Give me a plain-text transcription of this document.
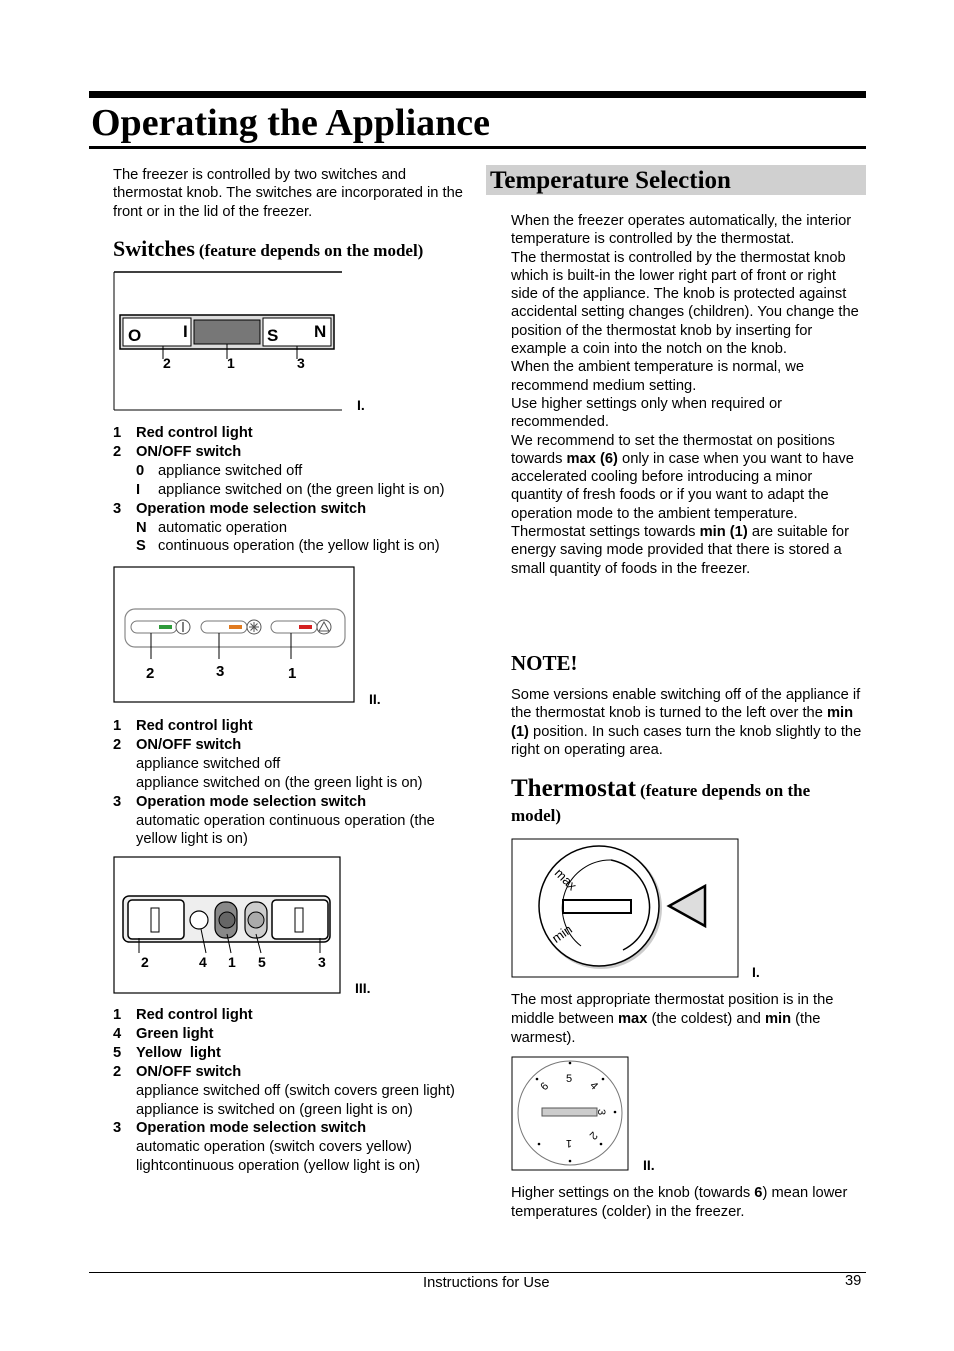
Operating the Appliance
The freezer is controlled by two switches and thermostat knob. The switches are incorporated in the front or in the lid of the freezer.
Switches (feature depends on the model)
O I	S N
2	1	3
I.
1 Red control light
2 ON/OFF switch
0 appliance switched off
I appliance switched on (the green light is on)
3 Operation mode selection switch
N automatic operation
S continuous operation (the yellow light is on)
2	3	1
II.
1 Red control light
2 ON/OFF switch
appliance switched off
appliance switched on (the green light is on)
3 Operation mode selection switch
automatic operation continuous operation (the yellow light is on)
2	4 1 5	3
III.
1 Red control light
4 Green light
5 Yellow  light
2 ON/OFF switch
appliance switched off (switch covers green light)
appliance is switched on (green light is on)
3 Operation mode selection switch
automatic operation (switch covers yellow)
lightcontinuous operation (yellow light is on)
Temperature Selection
When the freezer operates automatically, the interior temperature is controlled by the thermostat.
The thermostat is controlled by the thermostat knob which is built-in the lower right part of front or right side of the appliance. The knob is protected against accidental setting changes (children). You change the position of the thermostat knob by inserting for example a coin into the notch on the knob.
When the ambient temperature is normal, we recommend medium setting.
Use higher settings only when required or recommended.
We recommend to set the thermostat on positions towards max (6) only in case when you want to have accelerated cooling before introducing a minor quantity of fresh foods or if you want to adapt the operation mode to the ambient temperature.
Thermostat settings towards min (1) are suitable for energy saving mode provided that there is stored a small quantity of foods in the freezer.
NOTE!
Some versions enable switching off of the appliance if the thermostat knob is turned to the left over the min (1) position. In such cases turn the knob slightly to the right on operating area.
Thermostat (feature depends on the model)
max
min
I.
The most appropriate thermostat position is in the middle between max (the coldest) and min (the warmest).
5
4
3
2
1
6
II.
Higher settings on the knob (towards 6) mean lower temperatures (colder) in the freezer.
Instructions for Use	39
